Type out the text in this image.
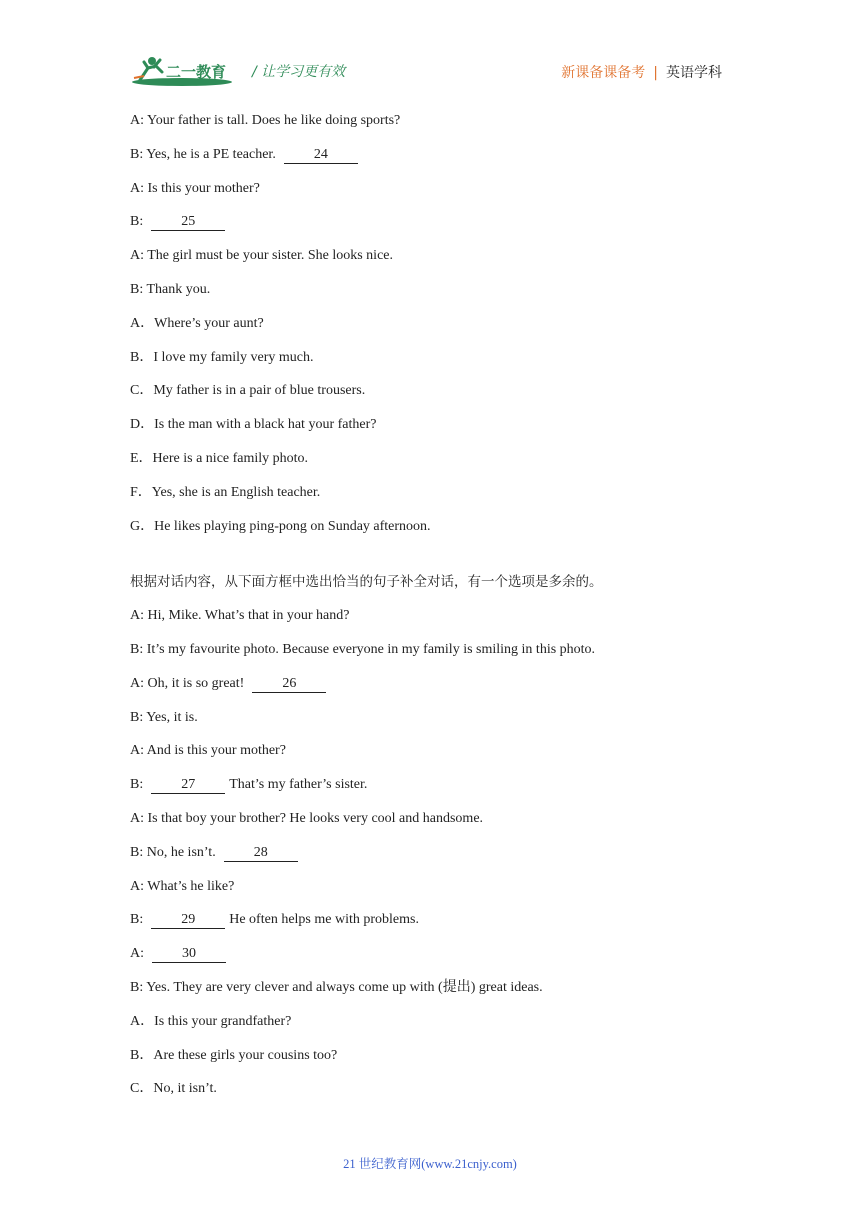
二一教育 / 让学习更有效	新课备课备考 | 英语学科
A: Your father is tall. Does he like doing sports?
B: Yes, he is a PE teacher.	24
A: Is this your mother?
B:	25
A: The girl must be your sister. She looks nice.
B: Thank you.
A．Where’s your aunt?
B．I love my family very much.
C．My father is in a pair of blue trousers.
D．Is the man with a black hat your father?
E．Here is a nice family photo.
F．Yes, she is an English teacher.
G．He likes playing ping-pong on Sunday afternoon.
根据对话内容，从下面方框中选出恰当的句子补全对话，有一个选项是多余的。
A: Hi, Mike. What’s that in your hand?
B: It’s my favourite photo. Because everyone in my family is smiling in this photo.
A: Oh, it is so great!	26
B: Yes, it is.
A: And is this your mother?
B:	27 That’s my father’s sister.
A: Is that boy your brother? He looks very cool and handsome.
B: No, he isn’t.	28
A: What’s he like?
B:	29 He often helps me with problems.
A:	30
B: Yes. They are very clever and always come up with (提出) great ideas.
A．Is this your grandfather?
B．Are these girls your cousins too?
C．No, it isn’t.
21 世纪教育网(www.21cnjy.com)
